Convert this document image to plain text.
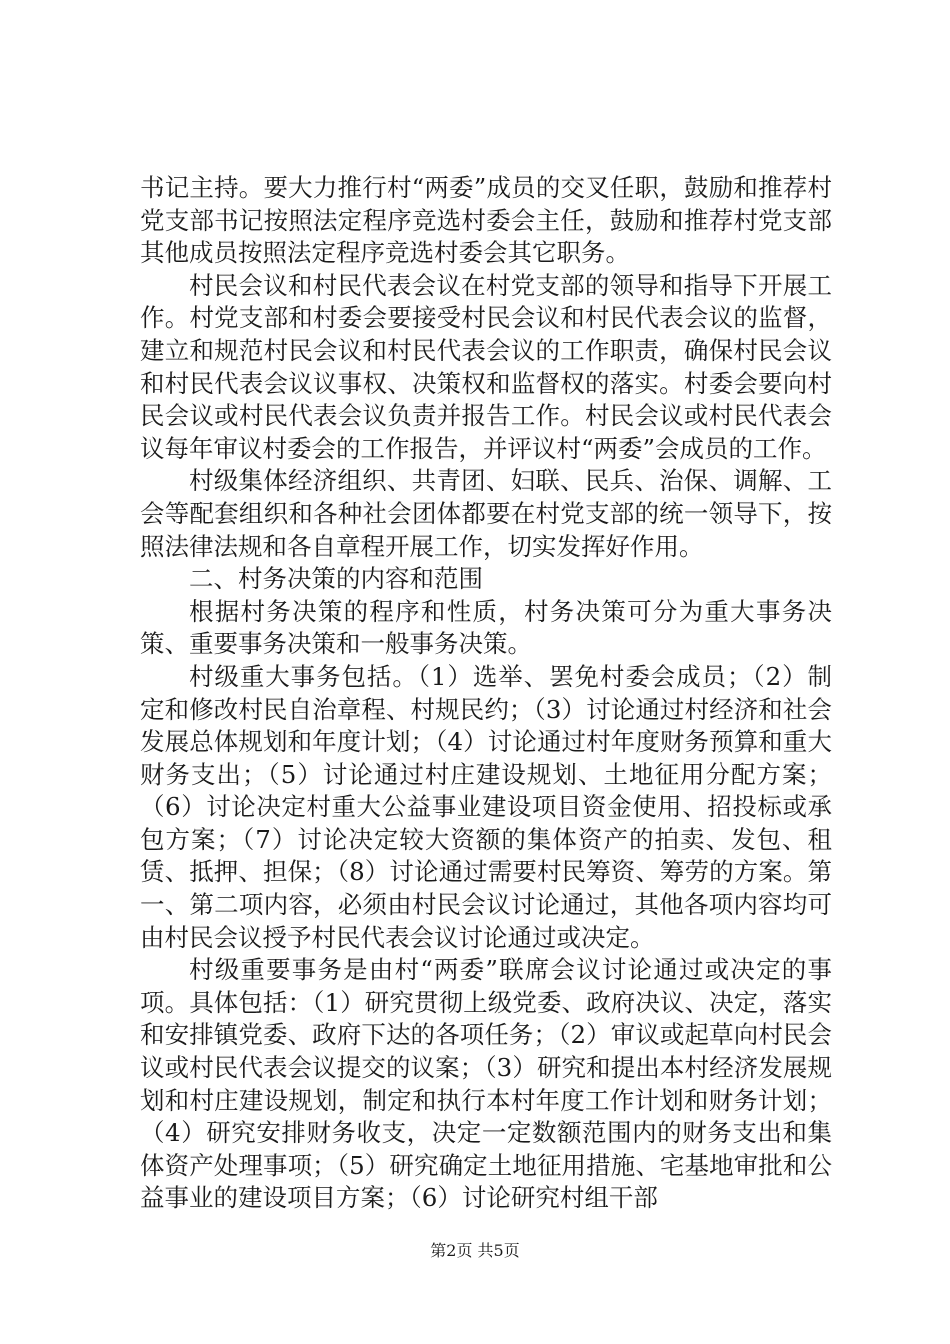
书记主持。要大力推行村“两委”成员的交叉任职，鼓励和推荐村党支部书记按照法定程序竞选村委会主任，鼓励和推荐村党支部其他成员按照法定程序竞选村委会其它职务。

村民会议和村民代表会议在村党支部的领导和指导下开展工作。村党支部和村委会要接受村民会议和村民代表会议的监督，建立和规范村民会议和村民代表会议的工作职责，确保村民会议和村民代表会议议事权、决策权和监督权的落实。村委会要向村民会议或村民代表会议负责并报告工作。村民会议或村民代表会议每年审议村委会的工作报告，并评议村“两委”会成员的工作。

村级集体经济组织、共青团、妇联、民兵、治保、调解、工会等配套组织和各种社会团体都要在村党支部的统一领导下，按照法律法规和各自章程开展工作，切实发挥好作用。

二、村务决策的内容和范围

根据村务决策的程序和性质，村务决策可分为重大事务决策、重要事务决策和一般事务决策。

村级重大事务包括。（1）选举、罢免村委会成员；（2）制定和修改村民自治章程、村规民约；（3）讨论通过村经济和社会发展总体规划和年度计划；（4）讨论通过村年度财务预算和重大财务支出；（5）讨论通过村庄建设规划、土地征用分配方案；（6）讨论决定村重大公益事业建设项目资金使用、招投标或承包方案；（7）讨论决定较大资额的集体资产的拍卖、发包、租赁、抵押、担保；（8）讨论通过需要村民筹资、筹劳的方案。第一、第二项内容，必须由村民会议讨论通过，其他各项内容均可由村民会议授予村民代表会议讨论通过或决定。

村级重要事务是由村“两委”联席会议讨论通过或决定的事项。具体包括：（1）研究贯彻上级党委、政府决议、决定，落实和安排镇党委、政府下达的各项任务；（2）审议或起草向村民会议或村民代表会议提交的议案；（3）研究和提出本村经济发展规划和村庄建设规划，制定和执行本村年度工作计划和财务计划；（4）研究安排财务收支，决定一定数额范围内的财务支出和集体资产处理事项；（5）研究确定土地征用措施、宅基地审批和公益事业的建设项目方案；（6）讨论研究村组干部

第2页 共5页
